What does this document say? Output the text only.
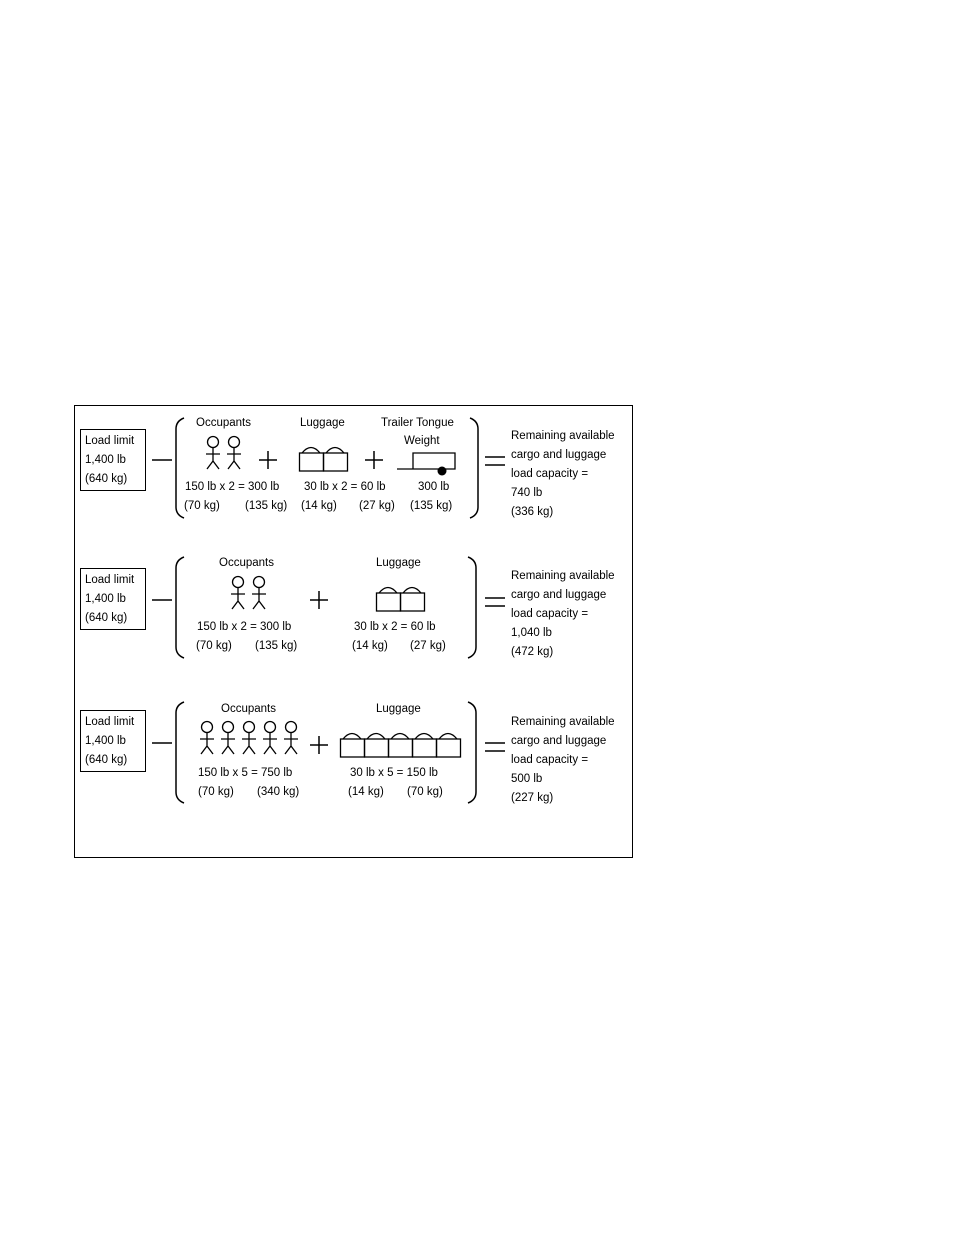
Load limit
1,400 lb
(640 kg)
Occupants	Luggage	Trailer Tongue
Weight
150 lb x 2 = 300 lb
(70 kg) (135 kg)
30 lb x 2 = 60 lb
(14 kg) (27 kg)
300 lb
(135 kg)
Remaining available
cargo and luggage
load capacity =
740 lb
(336 kg)
Load limit
1,400 lb
(640 kg)
Occupants	Luggage
150 lb x 2 = 300 lb
(70 kg) (135 kg)
30 lb x 2 = 60 lb
(14 kg) (27 kg)
Remaining available
cargo and luggage
load capacity =
1,040 lb
(472 kg)
Load limit
1,400 lb
(640 kg)
Occupants	Luggage
150 lb x 5 = 750 lb
(70 kg) (340 kg)
30 lb x 5 = 150 lb
(14 kg) (70 kg)
Remaining available
cargo and luggage
load capacity =
500 lb
(227 kg)
